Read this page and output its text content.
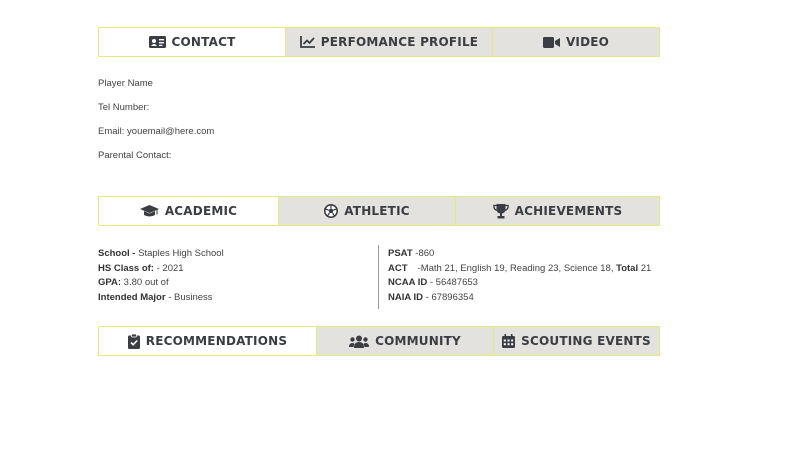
CONTACT	PERFOMANCE PROFILE	VIDEO
Player Name
Tel Number:
Email: youemail@here.com
Parental Contact:
ACADEMIC	ATHLETIC	ACHIEVEMENTS
School - Staples High School
HS Class of: - 2021
GPA: 3.80 out of
Intended Major - Business
PSAT -860
ACT -Math 21, English 19, Reading 23, Science 18, Total 21
NCAA ID - 56487653
NAIA ID - 67896354
RECOMMENDATIONS	COMMUNITY	SCOUTING EVENTS
